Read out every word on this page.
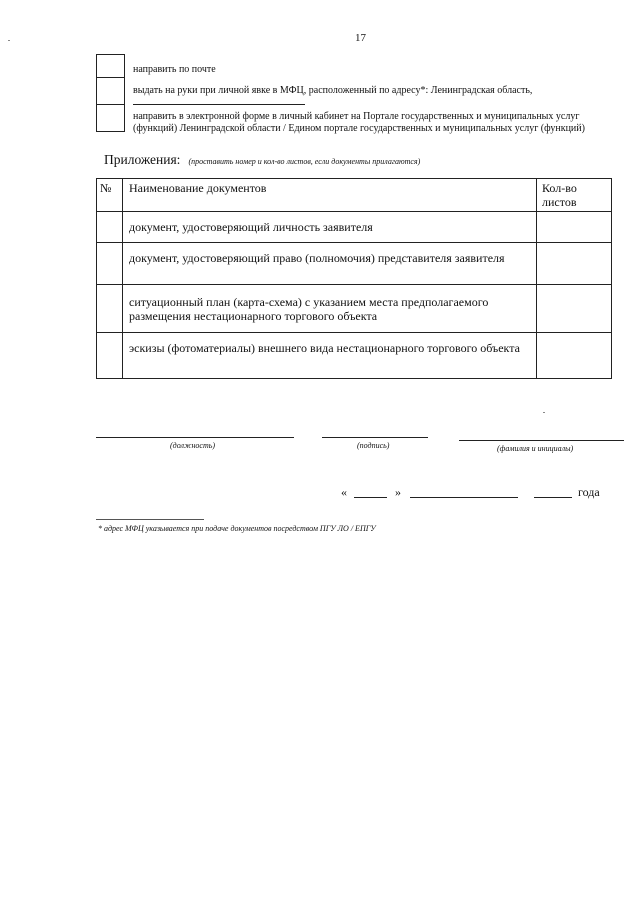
17
направить по почте
выдать на руки при личной явке в МФЦ, расположенный по адресу*: Ленинградская область,
направить в электронной форме в личный кабинет на Портале государственных и муниципальных услуг
(функций) Ленинградской области / Едином портале государственных и муниципальных услуг (функций)
Приложения: (проставить номер и кол-во листов, если документы прилагаются)
№	Наименование документов	Кол-во
листов

	документ, удостоверяющий личность заявителя	
	документ, удостоверяющий право (полномочия) представителя заявителя	
	ситуационный план (карта-схема) с указанием места предполагаемого размещения нестационарного торгового объекта	
	эскизы (фотоматериалы) внешнего вида нестационарного торгового объекта	
(должность)	(подпись)	(фамилия и инициалы)
«	»	года
* адрес МФЦ указывается при подаче документов посредством ПГУ ЛО / ЕПГУ
